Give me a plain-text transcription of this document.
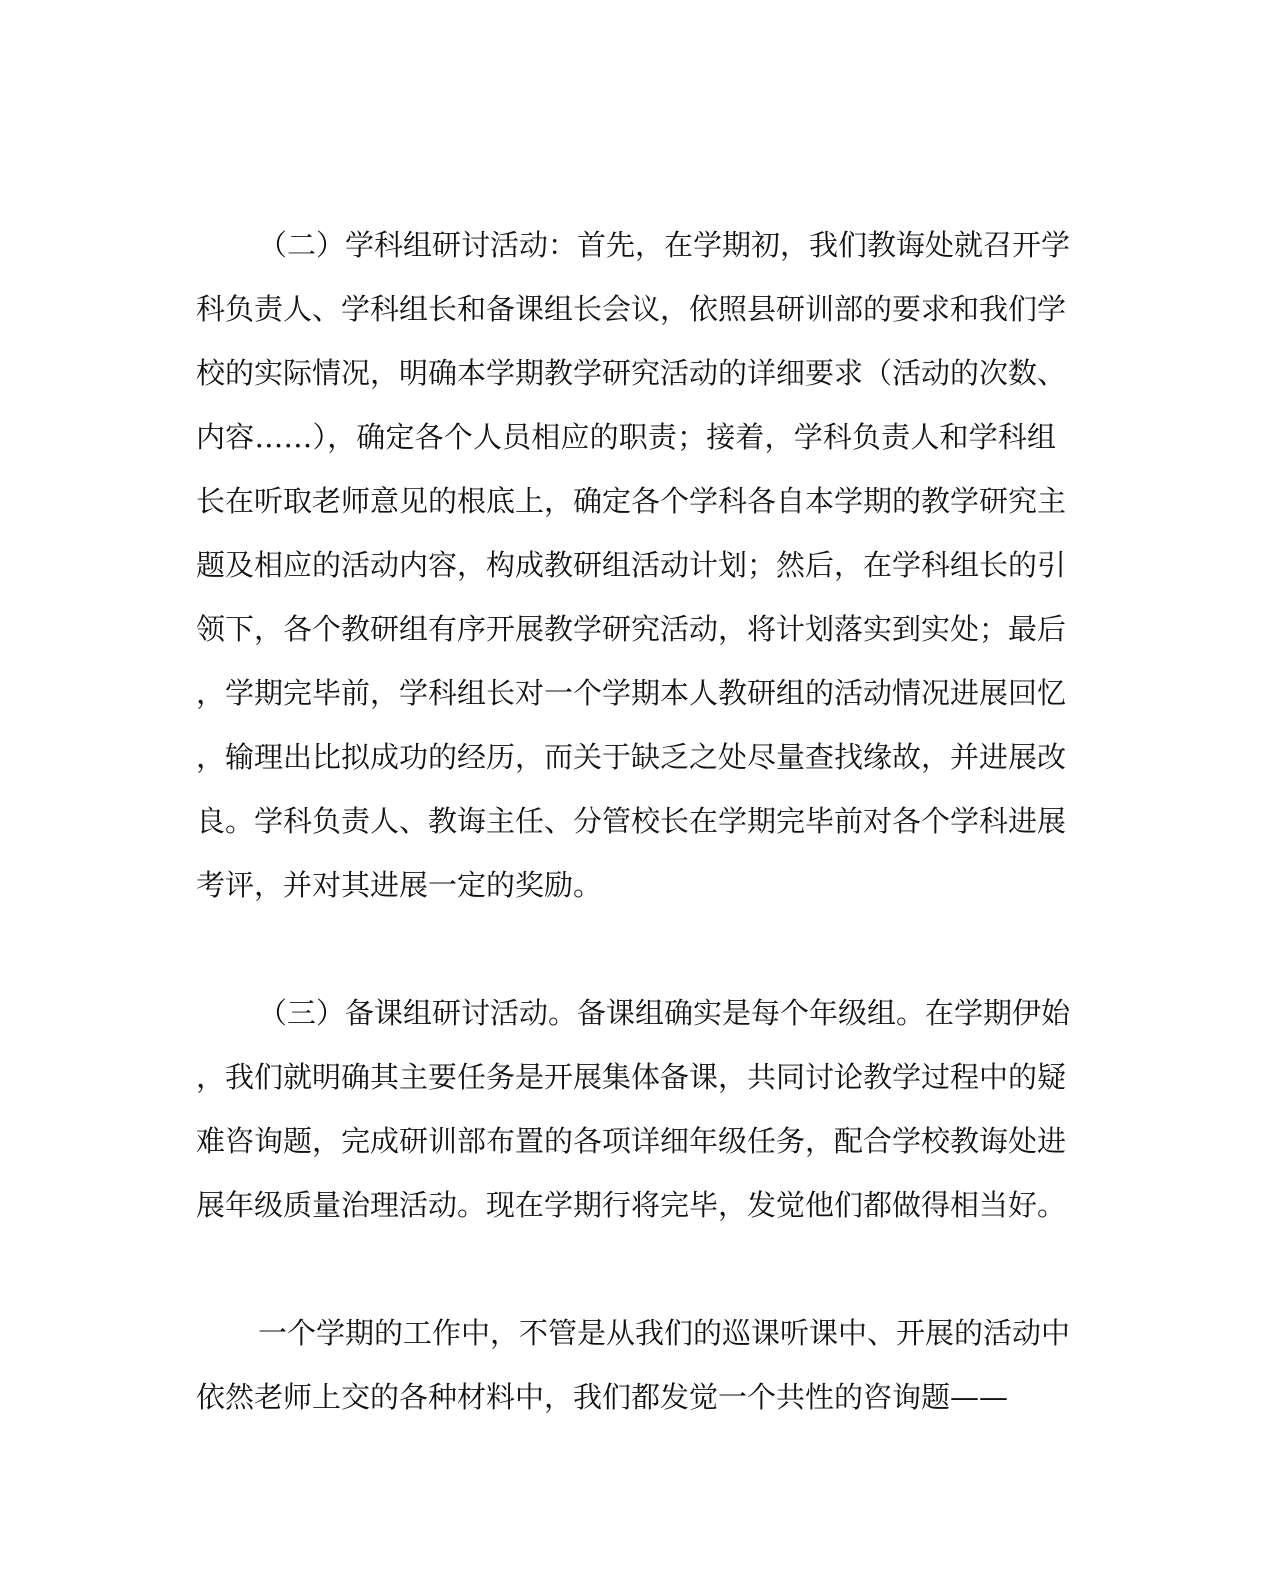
（二）学科组研讨活动：首先，在学期初，我们教诲处就召开学
科负责人、学科组长和备课组长会议，依照县研训部的要求和我们学
校的实际情况，明确本学期教学研究活动的详细要求（活动的次数、
内容……），确定各个人员相应的职责；接着，学科负责人和学科组
长在听取老师意见的根底上，确定各个学科各自本学期的教学研究主
题及相应的活动内容，构成教研组活动计划；然后，在学科组长的引
领下，各个教研组有序开展教学研究活动，将计划落实到实处；最后
，学期完毕前，学科组长对一个学期本人教研组的活动情况进展回忆
，输理出比拟成功的经历，而关于缺乏之处尽量查找缘故，并进展改
良。学科负责人、教诲主任、分管校长在学期完毕前对各个学科进展
考评，并对其进展一定的奖励。
（三）备课组研讨活动。备课组确实是每个年级组。在学期伊始
，我们就明确其主要任务是开展集体备课，共同讨论教学过程中的疑
难咨询题，完成研训部布置的各项详细年级任务，配合学校教诲处进
展年级质量治理活动。现在学期行将完毕，发觉他们都做得相当好。
一个学期的工作中，不管是从我们的巡课听课中、开展的活动中
依然老师上交的各种材料中，我们都发觉一个共性的咨询题——
